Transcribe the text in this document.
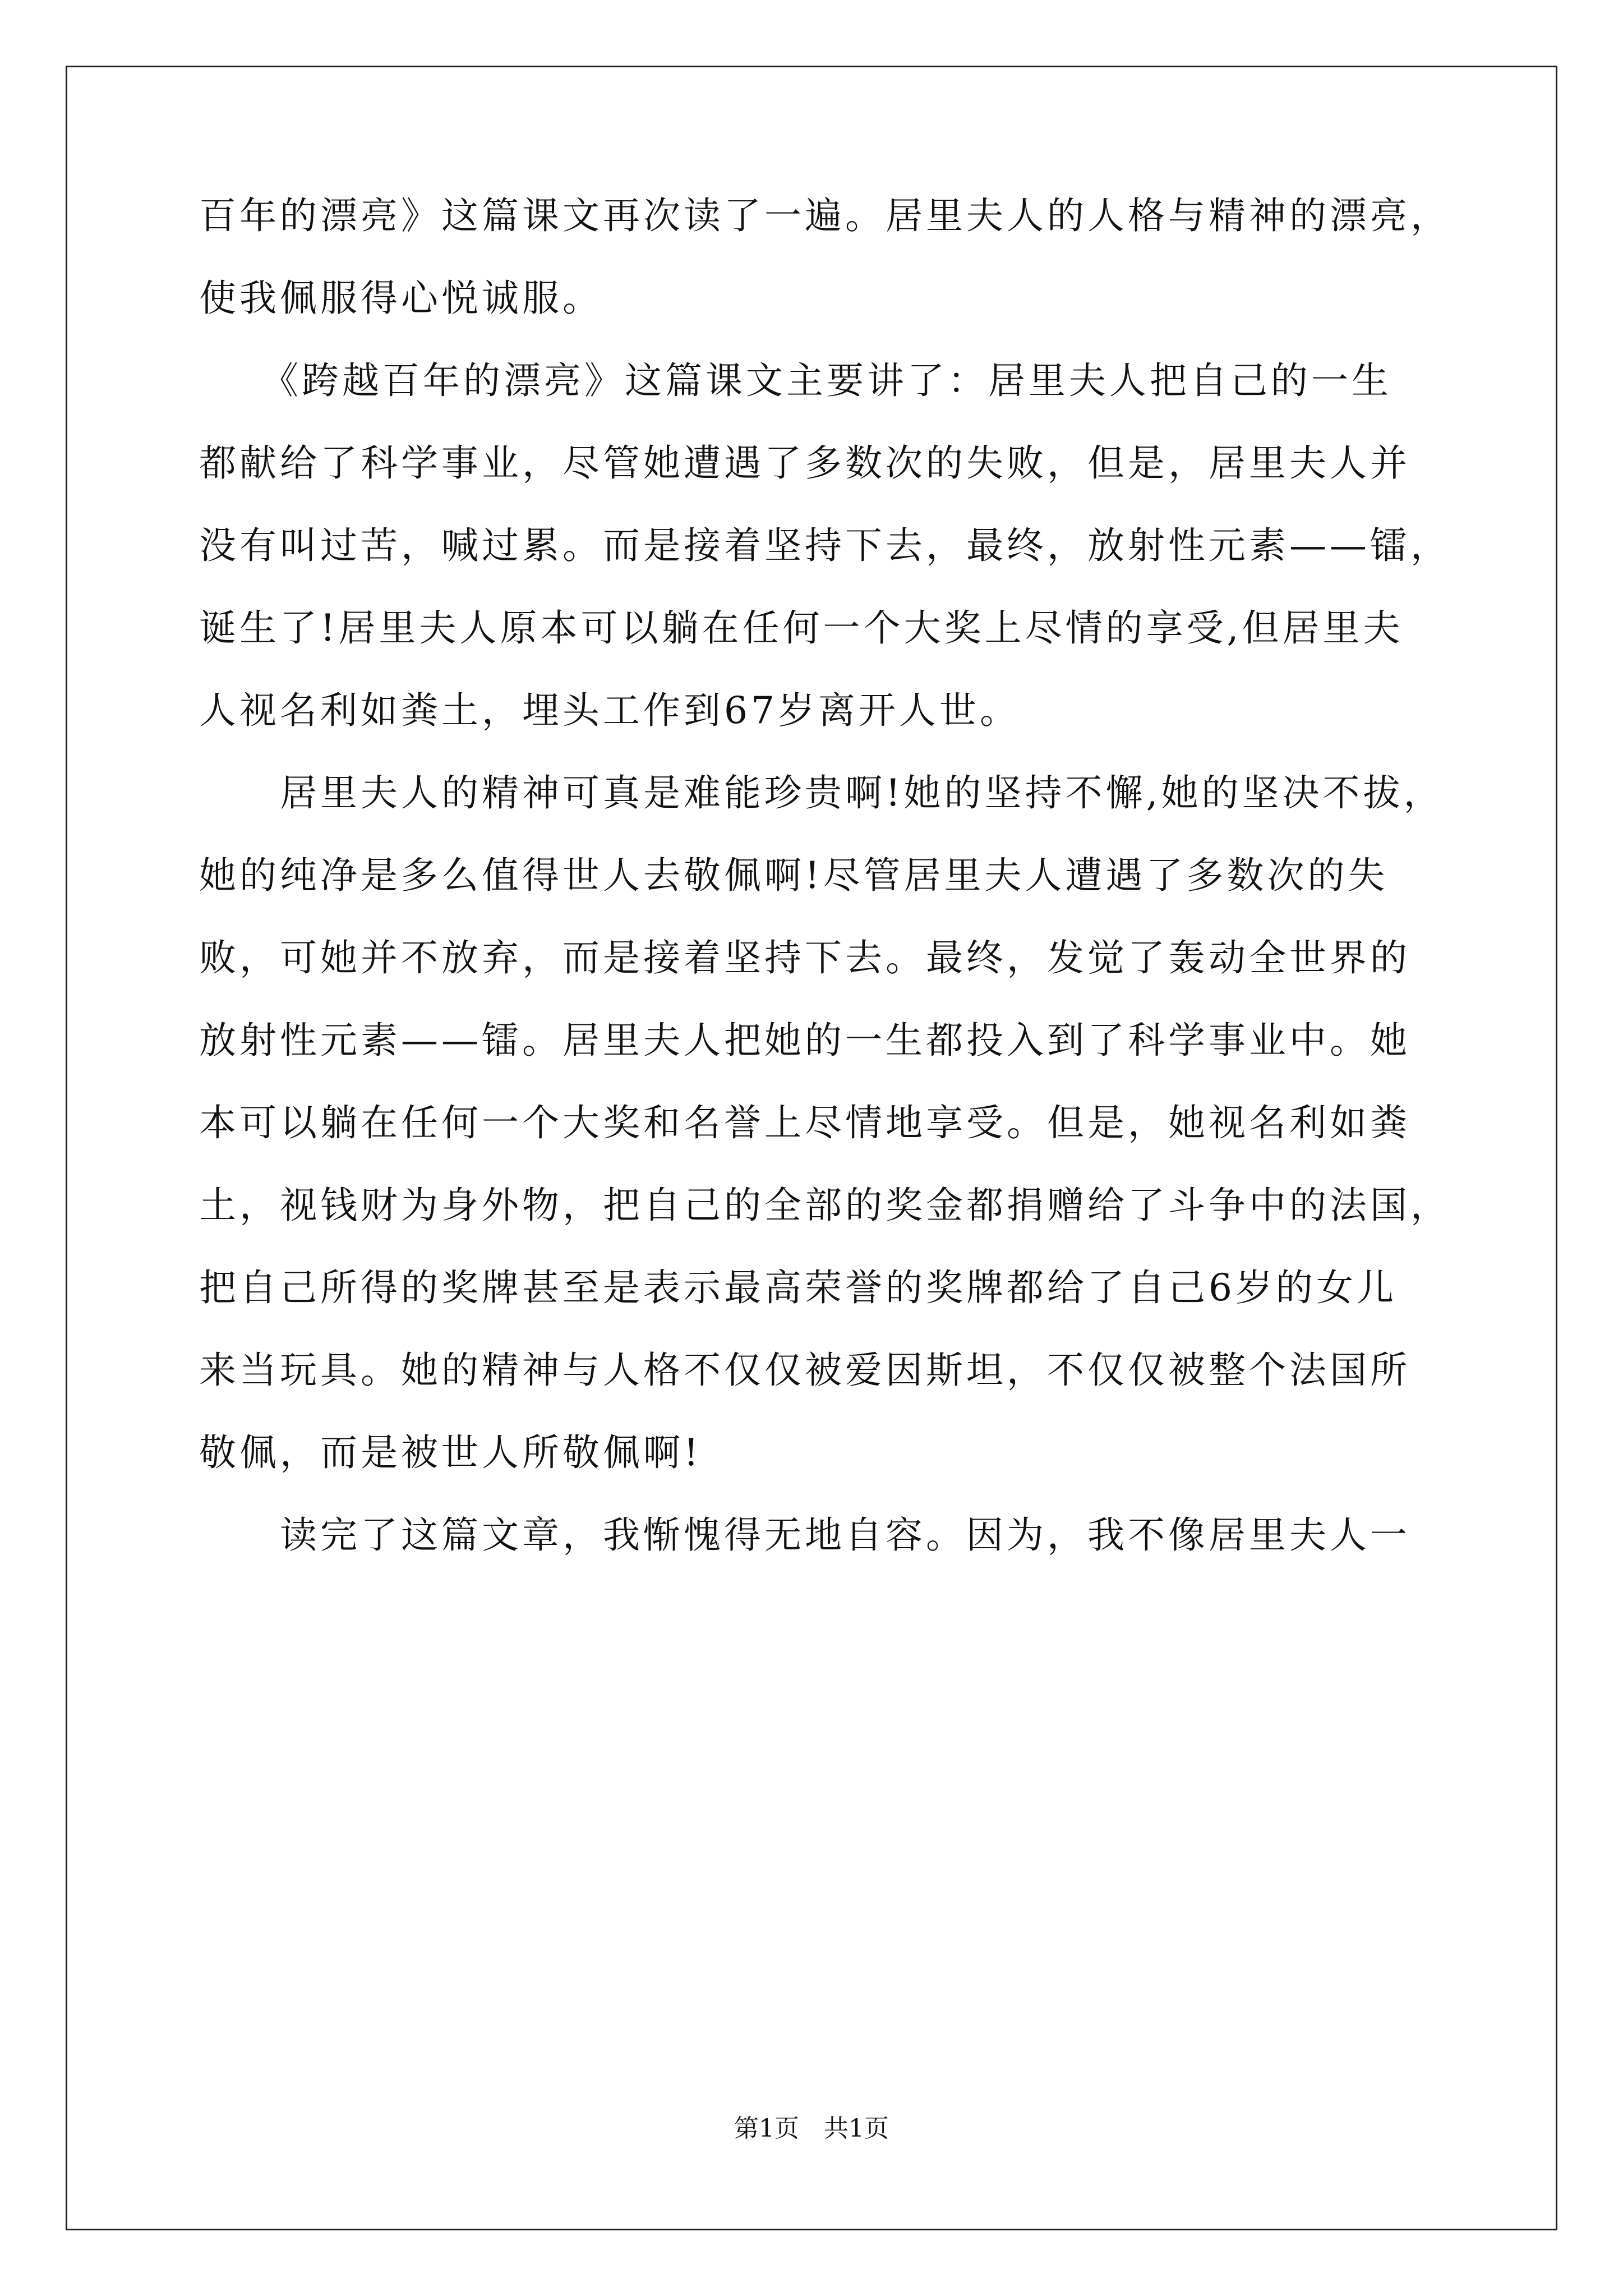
百年的漂亮》这篇课文再次读了一遍。居里夫人的人格与精神的漂亮，
使我佩服得心悦诚服。
　　《跨越百年的漂亮》这篇课文主要讲了：居里夫人把自己的一生
都献给了科学事业，尽管她遭遇了多数次的失败，但是，居里夫人并
没有叫过苦，喊过累。而是接着坚持下去，最终，放射性元素——镭，
诞生了!居里夫人原本可以躺在任何一个大奖上尽情的享受,但居里夫
人视名利如粪土，埋头工作到67岁离开人世。
　　居里夫人的精神可真是难能珍贵啊!她的坚持不懈,她的坚决不拔，
她的纯净是多么值得世人去敬佩啊!尽管居里夫人遭遇了多数次的失
败，可她并不放弃，而是接着坚持下去。最终，发觉了轰动全世界的
放射性元素——镭。居里夫人把她的一生都投入到了科学事业中。她
本可以躺在任何一个大奖和名誉上尽情地享受。但是，她视名利如粪
土，视钱财为身外物，把自己的全部的奖金都捐赠给了斗争中的法国，
把自己所得的奖牌甚至是表示最高荣誉的奖牌都给了自己6岁的女儿
来当玩具。她的精神与人格不仅仅被爱因斯坦，不仅仅被整个法国所
敬佩，而是被世人所敬佩啊!
　　读完了这篇文章，我惭愧得无地自容。因为，我不像居里夫人一
第1页 共1页
